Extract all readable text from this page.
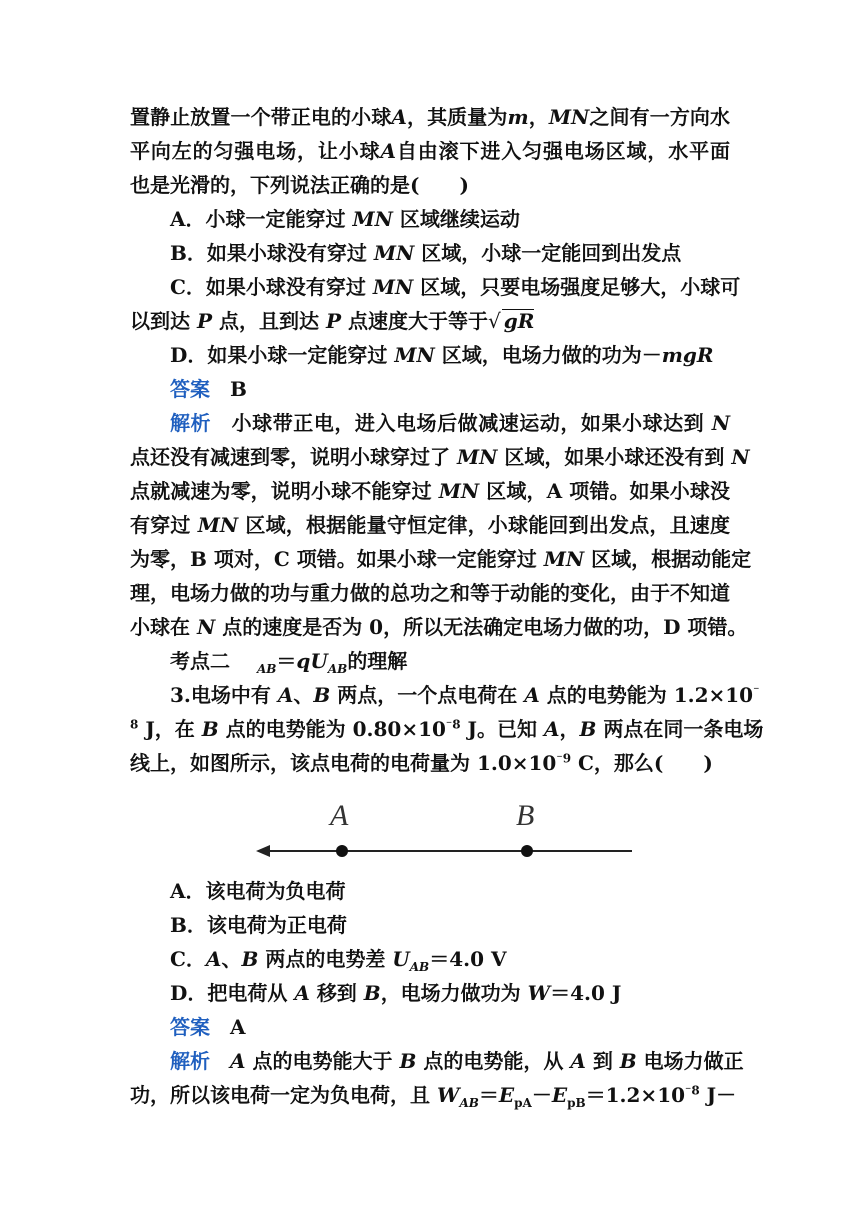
置静止放置一个带正电的小球A，其质量为m，MN之间有一方向水
平向左的匀强电场，让小球A自由滚下进入匀强电场区域，水平面
也是光滑的，下列说法正确的是(　　)
A．小球一定能穿过 MN 区域继续运动
B．如果小球没有穿过 MN 区域，小球一定能回到出发点
C．如果小球没有穿过 MN 区域，只要电场强度足够大，小球可
以到达 P 点，且到达 P 点速度大于等于√ gR
D．如果小球一定能穿过 MN 区域，电场力做的功为－mgR
答案　 B
解析　 小球带正电，进入电场后做减速运动，如果小球达到 N
点还没有减速到零，说明小球穿过了 MN 区域，如果小球还没有到 N
点就减速为零，说明小球不能穿过 MN 区域，A 项错。如果小球没
有穿过 MN 区域，根据能量守恒定律，小球能回到出发点，且速度
为零，B 项对，C 项错。如果小球一定能穿过 MN 区域，根据动能定
理，电场力做的功与重力做的总功之和等于动能的变化，由于不知道
小球在 N 点的速度是否为 0，所以无法确定电场力做的功，D 项错。
考点二　 $_{AB}=qU_{AB}$的理解
3.电场中有 A、B 两点，一个点电荷在 A 点的电势能为 1.2×10⁻
$^8$ J，在 B 点的电势能为 $0.80\times 10^{^-8}$ J。已知 A，B 两点在同一条电场
线上，如图所示，该点电荷的电荷量为 $1.0\times 10^{^-9}$ C，那么(　　)
A	B
A．该电荷为负电荷
B．该电荷为正电荷
C．A、B 两点的电势差 $U_{AB}=4.0$ V
D．把电荷从 A 移到 B，电场力做功为 W＝4.0 J
答案　 A
解析　 A 点的电势能大于 B 点的电势能，从 A 到 B 电场力做正
功，所以该电荷一定为负电荷，且 $W_{AB}=E_{pA}-E_{pB}=1.2\times 10^{^-8}$ J－
